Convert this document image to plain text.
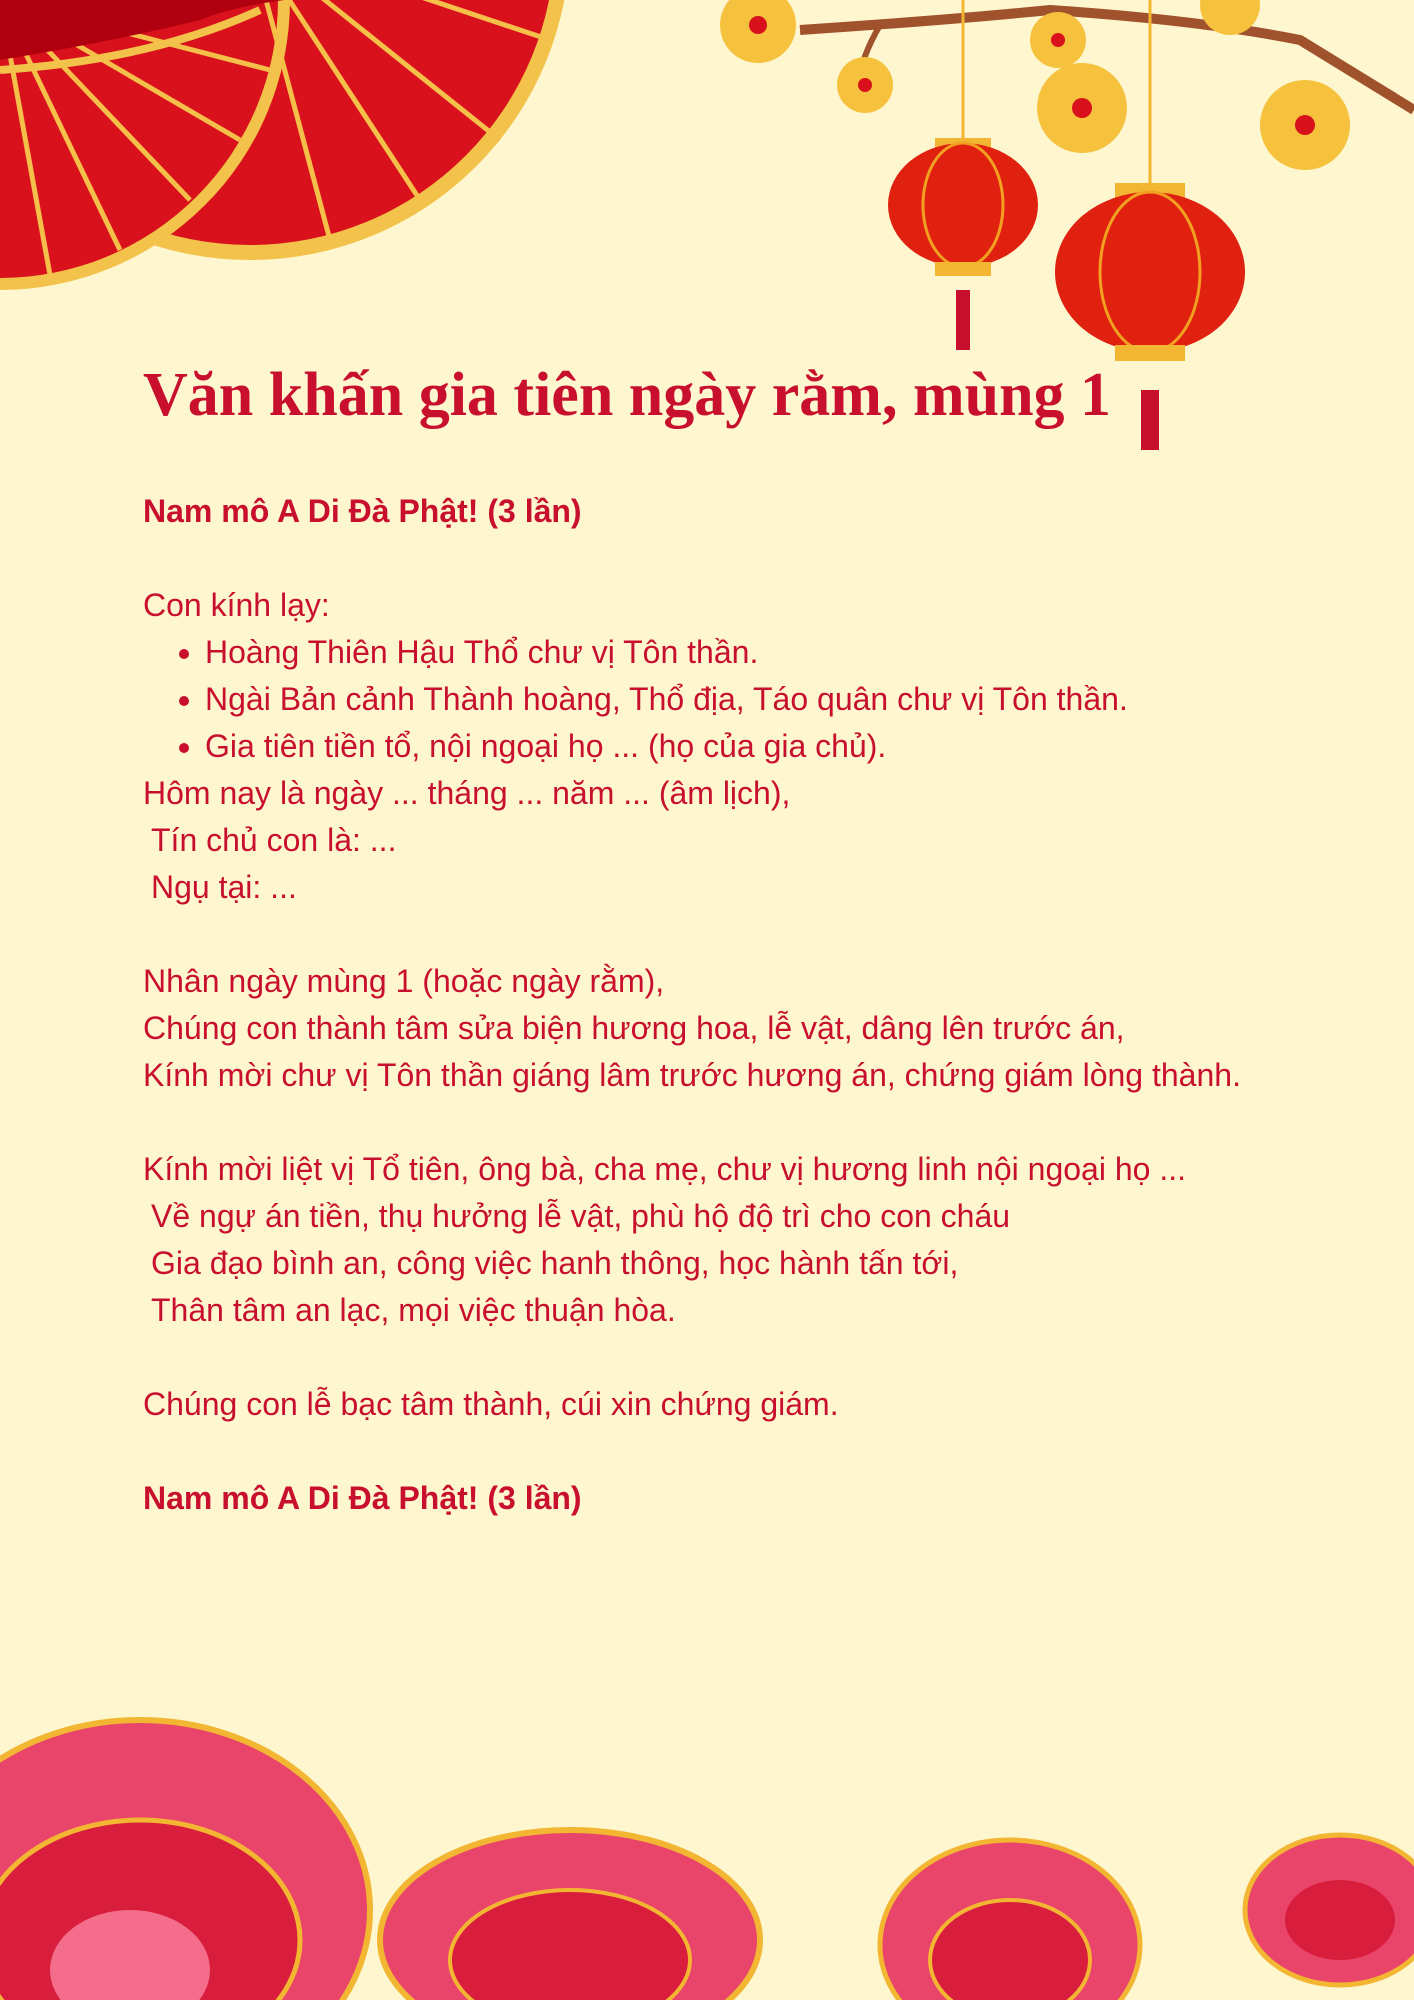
Văn khấn gia tiên ngày rằm, mùng 1

Nam mô A Di Đà Phật! (3 lần)

Con kính lạy:

• Hoàng Thiên Hậu Thổ chư vị Tôn thần.
• Ngài Bản cảnh Thành hoàng, Thổ địa, Táo quân chư vị Tôn thần.
• Gia tiên tiền tổ, nội ngoại họ ... (họ của gia chủ).

Hôm nay là ngày ... tháng ... năm ... (âm lịch),

Tín chủ con là: ...

Ngụ tại: ...

Nhân ngày mùng 1 (hoặc ngày rằm),

Chúng con thành tâm sửa biện hương hoa, lễ vật, dâng lên trước án,

Kính mời chư vị Tôn thần giáng lâm trước hương án, chứng giám lòng thành.

Kính mời liệt vị Tổ tiên, ông bà, cha mẹ, chư vị hương linh nội ngoại họ ...

Về ngự án tiền, thụ hưởng lễ vật, phù hộ độ trì cho con cháu

Gia đạo bình an, công việc hanh thông, học hành tấn tới,

Thân tâm an lạc, mọi việc thuận hòa.

Chúng con lễ bạc tâm thành, cúi xin chứng giám.

Nam mô A Di Đà Phật! (3 lần)
